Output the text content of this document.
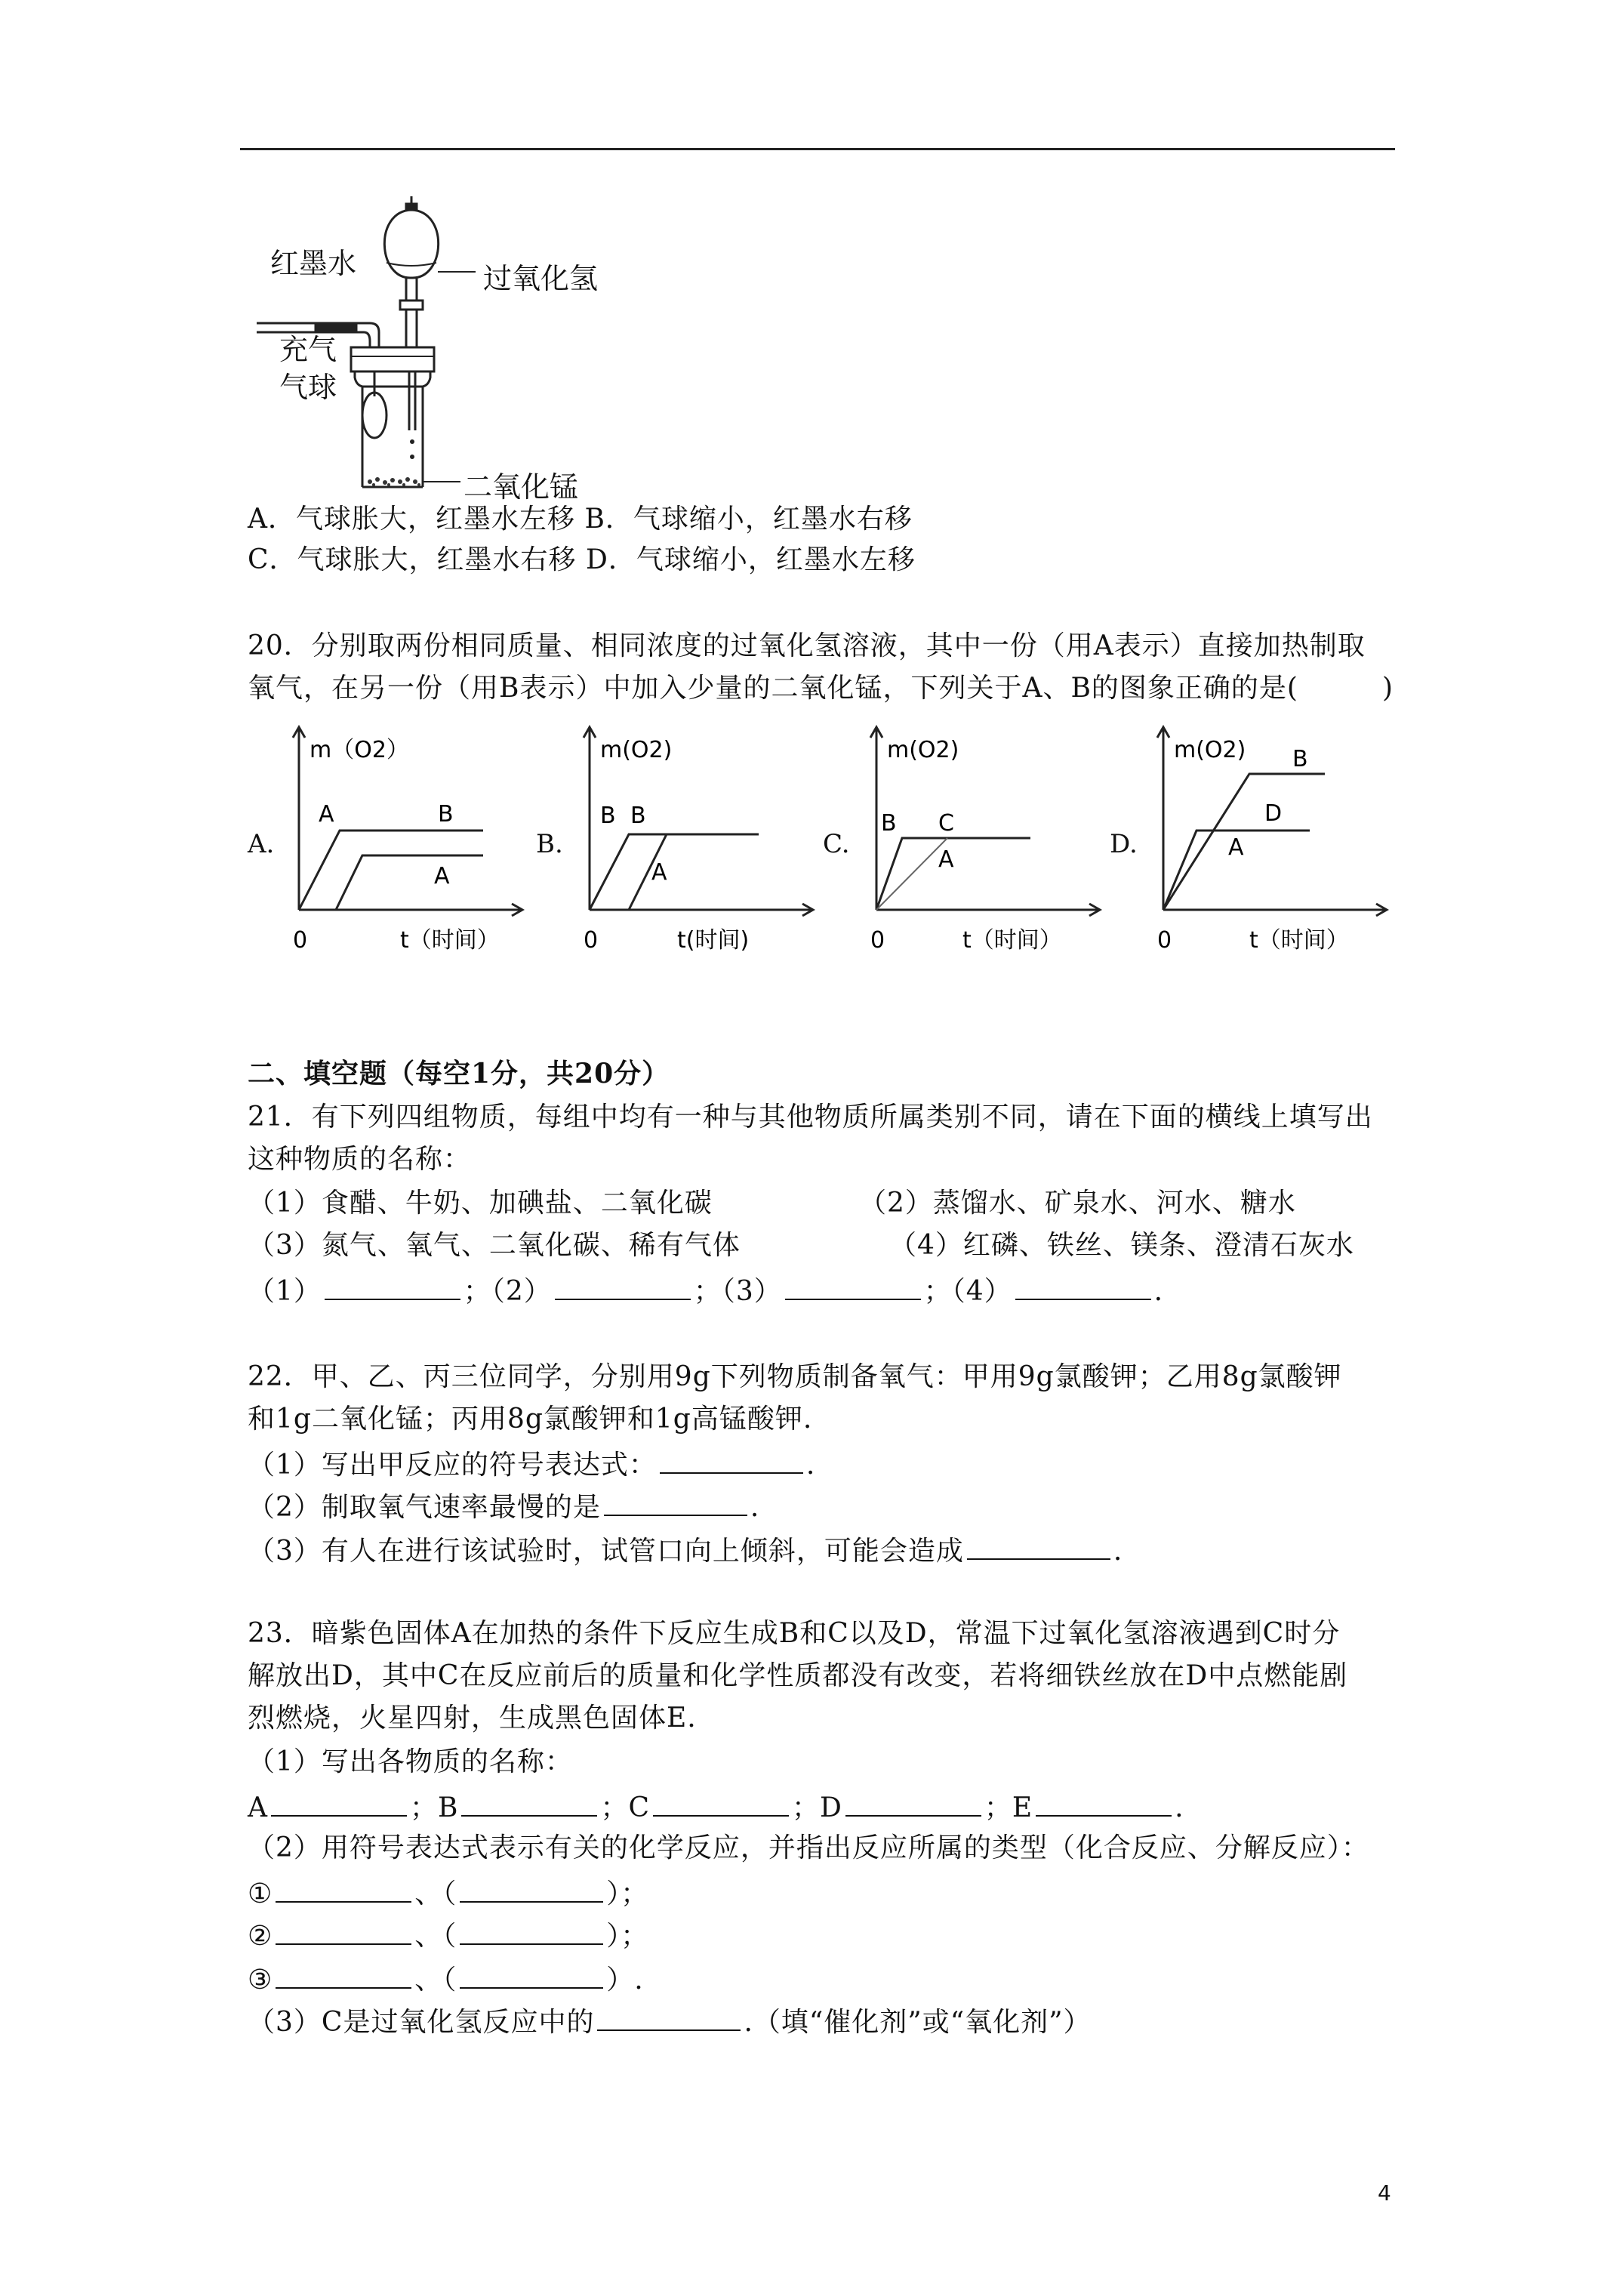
红墨水	过氧化氢
充气
气球
二氧化锰
A．气球胀大，红墨水左移 B．气球缩小，红墨水右移
C．气球胀大，红墨水右移 D．气球缩小，红墨水左移
20．分别取两份相同质量、相同浓度的过氧化氢溶液，其中一份（用A表示）直接加热制取
氧气，在另一份（用B表示）中加入少量的二氧化锰，下列关于A、B的图象正确的是(　　　)
A.
m（O2）
A	B
A
0	t（时间）
B.
m(O2)
B B
A
0	t(时间)
C.
m(O2)
B C
A
0	t（时间）
D.
m(O2) B
D
A
0	t（时间）
二、填空题（每空1分，共20分）
21．有下列四组物质，每组中均有一种与其他物质所属类别不同，请在下面的横线上填写出
这种物质的名称：
（1）食醋、牛奶、加碘盐、二氧化碳	（2）蒸馏水、矿泉水、河水、糖水
（3）氮气、氧气、二氧化碳、稀有气体	（4）红磷、铁丝、镁条、澄清石灰水
（1）	；（2）	；（3）	；（4）	.
22．甲、乙、丙三位同学，分别用9g下列物质制备氧气：甲用9g氯酸钾；乙用8g氯酸钾
和1g二氧化锰；丙用8g氯酸钾和1g高锰酸钾.
（1）写出甲反应的符号表达式：	.
（2）制取氧气速率最慢的是	.
（3）有人在进行该试验时，试管口向上倾斜，可能会造成	.
23．暗紫色固体A在加热的条件下反应生成B和C以及D，常温下过氧化氢溶液遇到C时分
解放出D，其中C在反应前后的质量和化学性质都没有改变，若将细铁丝放在D中点燃能剧
烈燃烧，火星四射，生成黑色固体E.
（1）写出各物质的名称：
A	；B	；C	；D	；E	.
（2）用符号表达式表示有关的化学反应，并指出反应所属的类型（化合反应、分解反应）：
①	、（	）；
②	、（	）；
③	、（	）.
（3）C是过氧化氢反应中的	.（填“催化剂”或“氧化剂”）
4
